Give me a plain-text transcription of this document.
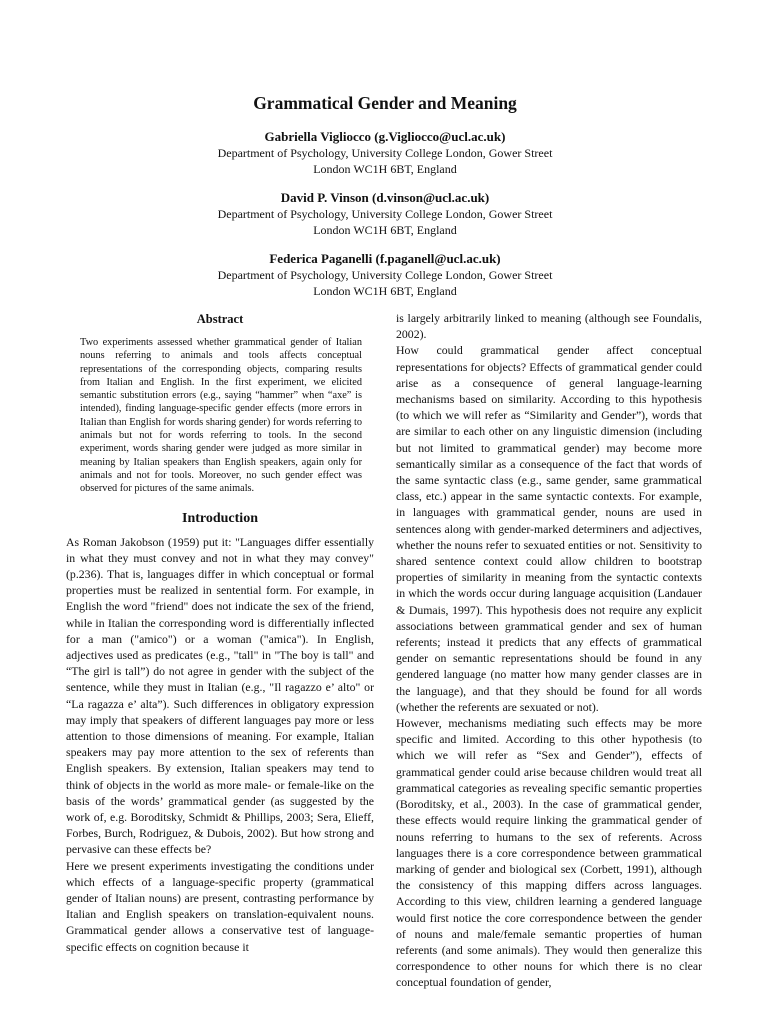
Grammatical Gender and Meaning
Gabriella Vigliocco (g.Vigliocco@ucl.ac.uk)
Department of Psychology, University College London, Gower Street
London WC1H 6BT, England
David P. Vinson (d.vinson@ucl.ac.uk)
Department of Psychology, University College London, Gower Street
London WC1H 6BT, England
Federica Paganelli (f.paganell@ucl.ac.uk)
Department of Psychology, University College London, Gower Street
London WC1H 6BT, England
Abstract

Two experiments assessed whether grammatical gender of Italian nouns referring to animals and tools affects conceptual representations of the corresponding objects, comparing results from Italian and English. In the first experiment, we elicited semantic substitution errors (e.g., saying “hammer” when “axe” is intended), finding language-specific gender effects (more errors in Italian than English for words sharing gender) for words referring to animals but not for words referring to tools. In the second experiment, words sharing gender were judged as more similar in meaning by Italian speakers than English speakers, again only for animals and not for tools. Moreover, no such gender effect was observed for pictures of the same animals.

Introduction

As Roman Jakobson (1959) put it: "Languages differ essentially in what they must convey and not in what they may convey" (p.236). That is, languages differ in which conceptual or formal properties must be realized in sentential form. For example, in English the word "friend" does not indicate the sex of the friend, while in Italian the corresponding word is differentially inflected for a man ("amico") or a woman ("amica"). In English, adjectives used as predicates (e.g., "tall" in "The boy is tall" and “The girl is tall”) do not agree in gender with the subject of the sentence, while they must in Italian (e.g., "Il ragazzo e’ alto" or “La ragazza e’ alta”). Such differences in obligatory expression may imply that speakers of different languages pay more or less attention to those dimensions of meaning. For example, Italian speakers may pay more attention to the sex of referents than English speakers. By extension, Italian speakers may tend to think of objects in the world as more male- or female-like on the basis of the words’ grammatical gender (as suggested by the work of, e.g. Boroditsky, Schmidt & Phillips, 2003; Sera, Elieff, Forbes, Burch, Rodriguez, & Dubois, 2002). But how strong and pervasive can these effects be?

Here we present experiments investigating the conditions under which effects of a language-specific property (grammatical gender of Italian nouns) are present, contrasting performance by Italian and English speakers on translation-equivalent nouns. Grammatical gender allows a conservative test of language-specific effects on cognition because it

is largely arbitrarily linked to meaning (although see Foundalis, 2002).

How could grammatical gender affect conceptual representations for objects? Effects of grammatical gender could arise as a consequence of general language-learning mechanisms based on similarity. According to this hypothesis (to which we will refer as “Similarity and Gender”), words that are similar to each other on any linguistic dimension (including but not limited to grammatical gender) may become more semantically similar as a consequence of the fact that words of the same syntactic class (e.g., same gender, same grammatical class, etc.) appear in the same syntactic contexts. For example, in languages with grammatical gender, nouns are used in sentences along with gender-marked determiners and adjectives, whether the nouns refer to sexuated entities or not. Sensitivity to shared sentence context could allow children to bootstrap properties of similarity in meaning from the syntactic contexts in which the words occur during language acquisition (Landauer & Dumais, 1997). This hypothesis does not require any explicit associations between grammatical gender and sex of human referents; instead it predicts that any effects of grammatical gender on semantic representations should be found in any gendered language (no matter how many gender classes are in the language), and that they should be found for all words (whether the referents are sexuated or not).

However, mechanisms mediating such effects may be more specific and limited. According to this other hypothesis (to which we will refer as “Sex and Gender”), effects of grammatical gender could arise because children would treat all grammatical categories as revealing specific semantic properties (Boroditsky, et al., 2003). In the case of grammatical gender, these effects would require linking the grammatical gender of nouns referring to humans to the sex of referents. Across languages there is a core correspondence between grammatical marking of gender and biological sex (Corbett, 1991), although the consistency of this mapping differs across languages. According to this view, children learning a gendered language would first notice the core correspondence between the gender of nouns and male/female semantic properties of human referents (and some animals). They would then generalize this correspondence to other nouns for which there is no clear conceptual foundation of gender,
